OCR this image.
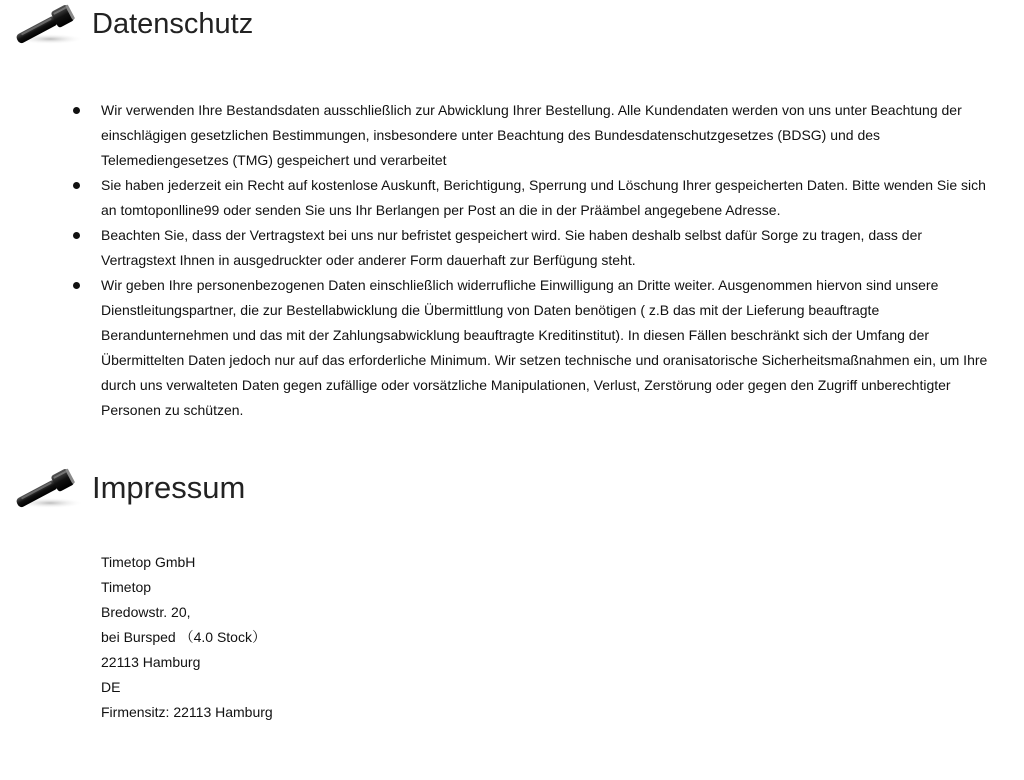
Datenschutz
Wir verwenden Ihre Bestandsdaten ausschließlich zur Abwicklung Ihrer Bestellung. Alle Kundendaten werden von uns unter Beachtung der einschlägigen gesetzlichen Bestimmungen, insbesondere unter Beachtung des Bundesdatenschutzgesetzes (BDSG) und des Telemediengesetzes (TMG) gespeichert und verarbeitet
Sie haben jederzeit ein Recht auf kostenlose Auskunft, Berichtigung, Sperrung und Löschung Ihrer gespeicherten Daten. Bitte wenden Sie sich an tomtoponlline99 oder senden Sie uns Ihr Berlangen per Post an die in der Präämbel angegebene Adresse.
Beachten Sie, dass der Vertragstext bei uns nur befristet gespeichert wird. Sie haben deshalb selbst dafür Sorge zu tragen, dass der Vertragstext Ihnen in ausgedruckter oder anderer Form dauerhaft zur Berfügung steht.
Wir geben Ihre personenbezogenen Daten einschließlich widerrufliche Einwilligung an Dritte weiter. Ausgenommen hiervon sind unsere Dienstleitungspartner, die zur Bestellabwicklung die Übermittlung von Daten benötigen ( z.B das mit der Lieferung beauftragte Berandunternehmen und das mit der Zahlungsabwicklung beauftragte Kreditinstitut). In diesen Fällen beschränkt sich der Umfang der Übermittelten Daten jedoch nur auf das erforderliche Minimum. Wir setzen technische und oranisatorische Sicherheitsmaßnahmen ein, um Ihre durch uns verwalteten Daten gegen zufällige oder vorsätzliche Manipulationen, Verlust, Zerstörung oder gegen den Zugriff unberechtigter Personen zu schützen.
Impressum
Timetop GmbH
Timetop
Bredowstr. 20,
bei Bursped （4.0 Stock）
22113 Hamburg
DE
Firmensitz: 22113 Hamburg
